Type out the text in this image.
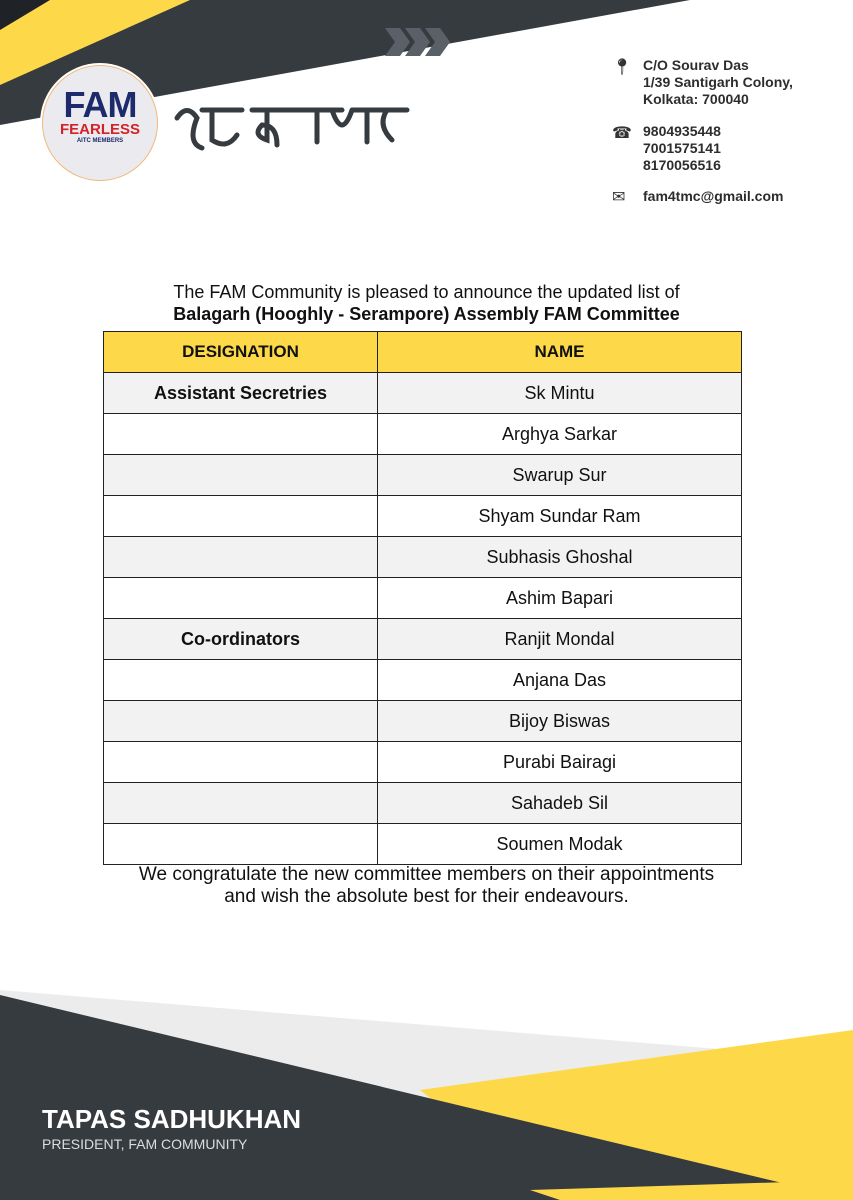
FAM
FEARLESS
AITC MEMBERS
📍︎ C/O Sourav Das
1/39 Santigarh Colony,
Kolkata: 700040
☎ 9804935448
7001575141
8170056516
✉ fam4tmc@gmail.com
The FAM Community is pleased to announce the updated list of
Balagarh (Hooghly - Serampore) Assembly FAM Committee
DESIGNATION	NAME
Assistant Secretries	Sk Mintu
	Arghya Sarkar
	Swarup Sur
	Shyam Sundar Ram
	Subhasis Ghoshal
	Ashim Bapari
Co-ordinators	Ranjit Mondal
	Anjana Das
	Bijoy Biswas
	Purabi Bairagi
	Sahadeb Sil
	Soumen Modak
We congratulate the new committee members on their appointments
and wish the absolute best for their endeavours.
TAPAS SADHUKHAN
PRESIDENT, FAM COMMUNITY
